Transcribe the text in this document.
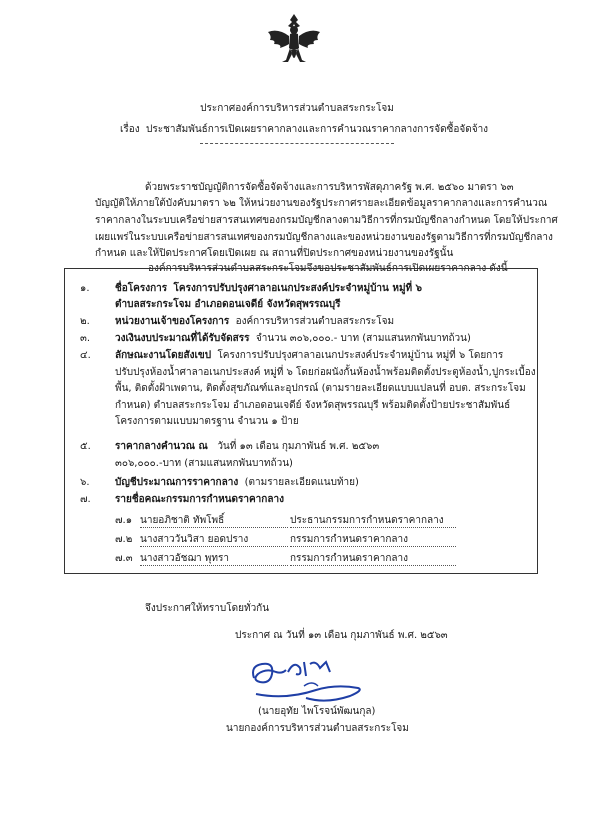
ประกาศองค์การบริหารส่วนตำบลสระกระโจม
เรื่อง ประชาสัมพันธ์การเปิดเผยราคากลางและการคำนวณราคากลางการจัดซื้อจัดจ้าง
ด้วยพระราชบัญญัติการจัดซื้อจัดจ้างและการบริหารพัสดุภาครัฐ พ.ศ. ๒๕๖๐ มาตรา ๖๓
บัญญัติให้ภายใต้บังคับมาตรา ๖๒ ให้หน่วยงานของรัฐประกาศรายละเอียดข้อมูลราคากลางและการคำนวณ
ราคากลางในระบบเครือข่ายสารสนเทศของกรมบัญชีกลางตามวิธีการที่กรมบัญชีกลางกำหนด โดยให้ประกาศ
เผยแพร่ในระบบเครือข่ายสารสนเทศของกรมบัญชีกลางและของหน่วยงานของรัฐตามวิธีการที่กรมบัญชีกลาง
กำหนด และให้ปิดประกาศโดยเปิดเผย ณ สถานที่ปิดประกาศของหน่วยงานของรัฐนั้น
องค์การบริหารส่วนตำบลสระกระโจมจึงขอประชาสัมพันธ์การเปิดเผยราคากลาง ดังนี้
๑.	ชื่อโครงการ โครงการปรับปรุงศาลาอเนกประสงค์ประจำหมู่บ้าน หมู่ที่ ๖
ตำบลสระกระโจม อำเภอดอนเจดีย์ จังหวัดสุพรรณบุรี
๒.	หน่วยงานเจ้าของโครงการ องค์การบริหารส่วนตำบลสระกระโจม
๓. วงเงินงบประมาณที่ได้รับจัดสรร จำนวน ๓๐๖,๐๐๐.- บาท (สามแสนหกพันบาทถ้วน)
๔. ลักษณะงานโดยสังเขป โครงการปรับปรุงศาลาอเนกประสงค์ประจำหมู่บ้าน หมู่ที่ ๖ โดยการ
ปรับปรุงห้องน้ำศาลาอเนกประสงค์ หมู่ที่ ๖ โดยก่อผนังกั้นห้องน้ำพร้อมติดตั้งประตูห้องน้ำ,ปูกระเบื้อง
พื้น, ติดตั้งฝ้าเพดาน, ติดตั้งสุขภัณฑ์และอุปกรณ์ (ตามรายละเอียดแบบแปลนที่ อบต. สระกระโจม
กำหนด) ตำบลสระกระโจม อำเภอดอนเจดีย์ จังหวัดสุพรรณบุรี พร้อมติดตั้งป้ายประชาสัมพันธ์
โครงการตามแบบมาตรฐาน จำนวน ๑ ป้าย
๕. ราคากลางคำนวณ ณ วันที่ ๑๓ เดือน กุมภาพันธ์ พ.ศ. ๒๕๖๓
๓๐๖,๐๐๐.-บาท (สามแสนหกพันบาทถ้วน)
๖.	บัญชีประมาณการราคากลาง (ตามรายละเอียดแนบท้าย)
๗. รายชื่อคณะกรรมการกำหนดราคากลาง
๗.๑ นายอภิชาติ ทัพโพธิ์	ประธานกรรมการกำหนดราคากลาง
๗.๒ นางสาววันวิสา ยอดปราง	กรรมการกำหนดราคากลาง
๗.๓ นางสาวอัชฌา พุทรา	กรรมการกำหนดราคากลาง
จึงประกาศให้ทราบโดยทั่วกัน
ประกาศ ณ วันที่ ๑๓ เดือน กุมภาพันธ์ พ.ศ. ๒๕๖๓
(นายอุทัย ไพโรจน์พัฒนกุล)
นายกองค์การบริหารส่วนตำบลสระกระโจม
